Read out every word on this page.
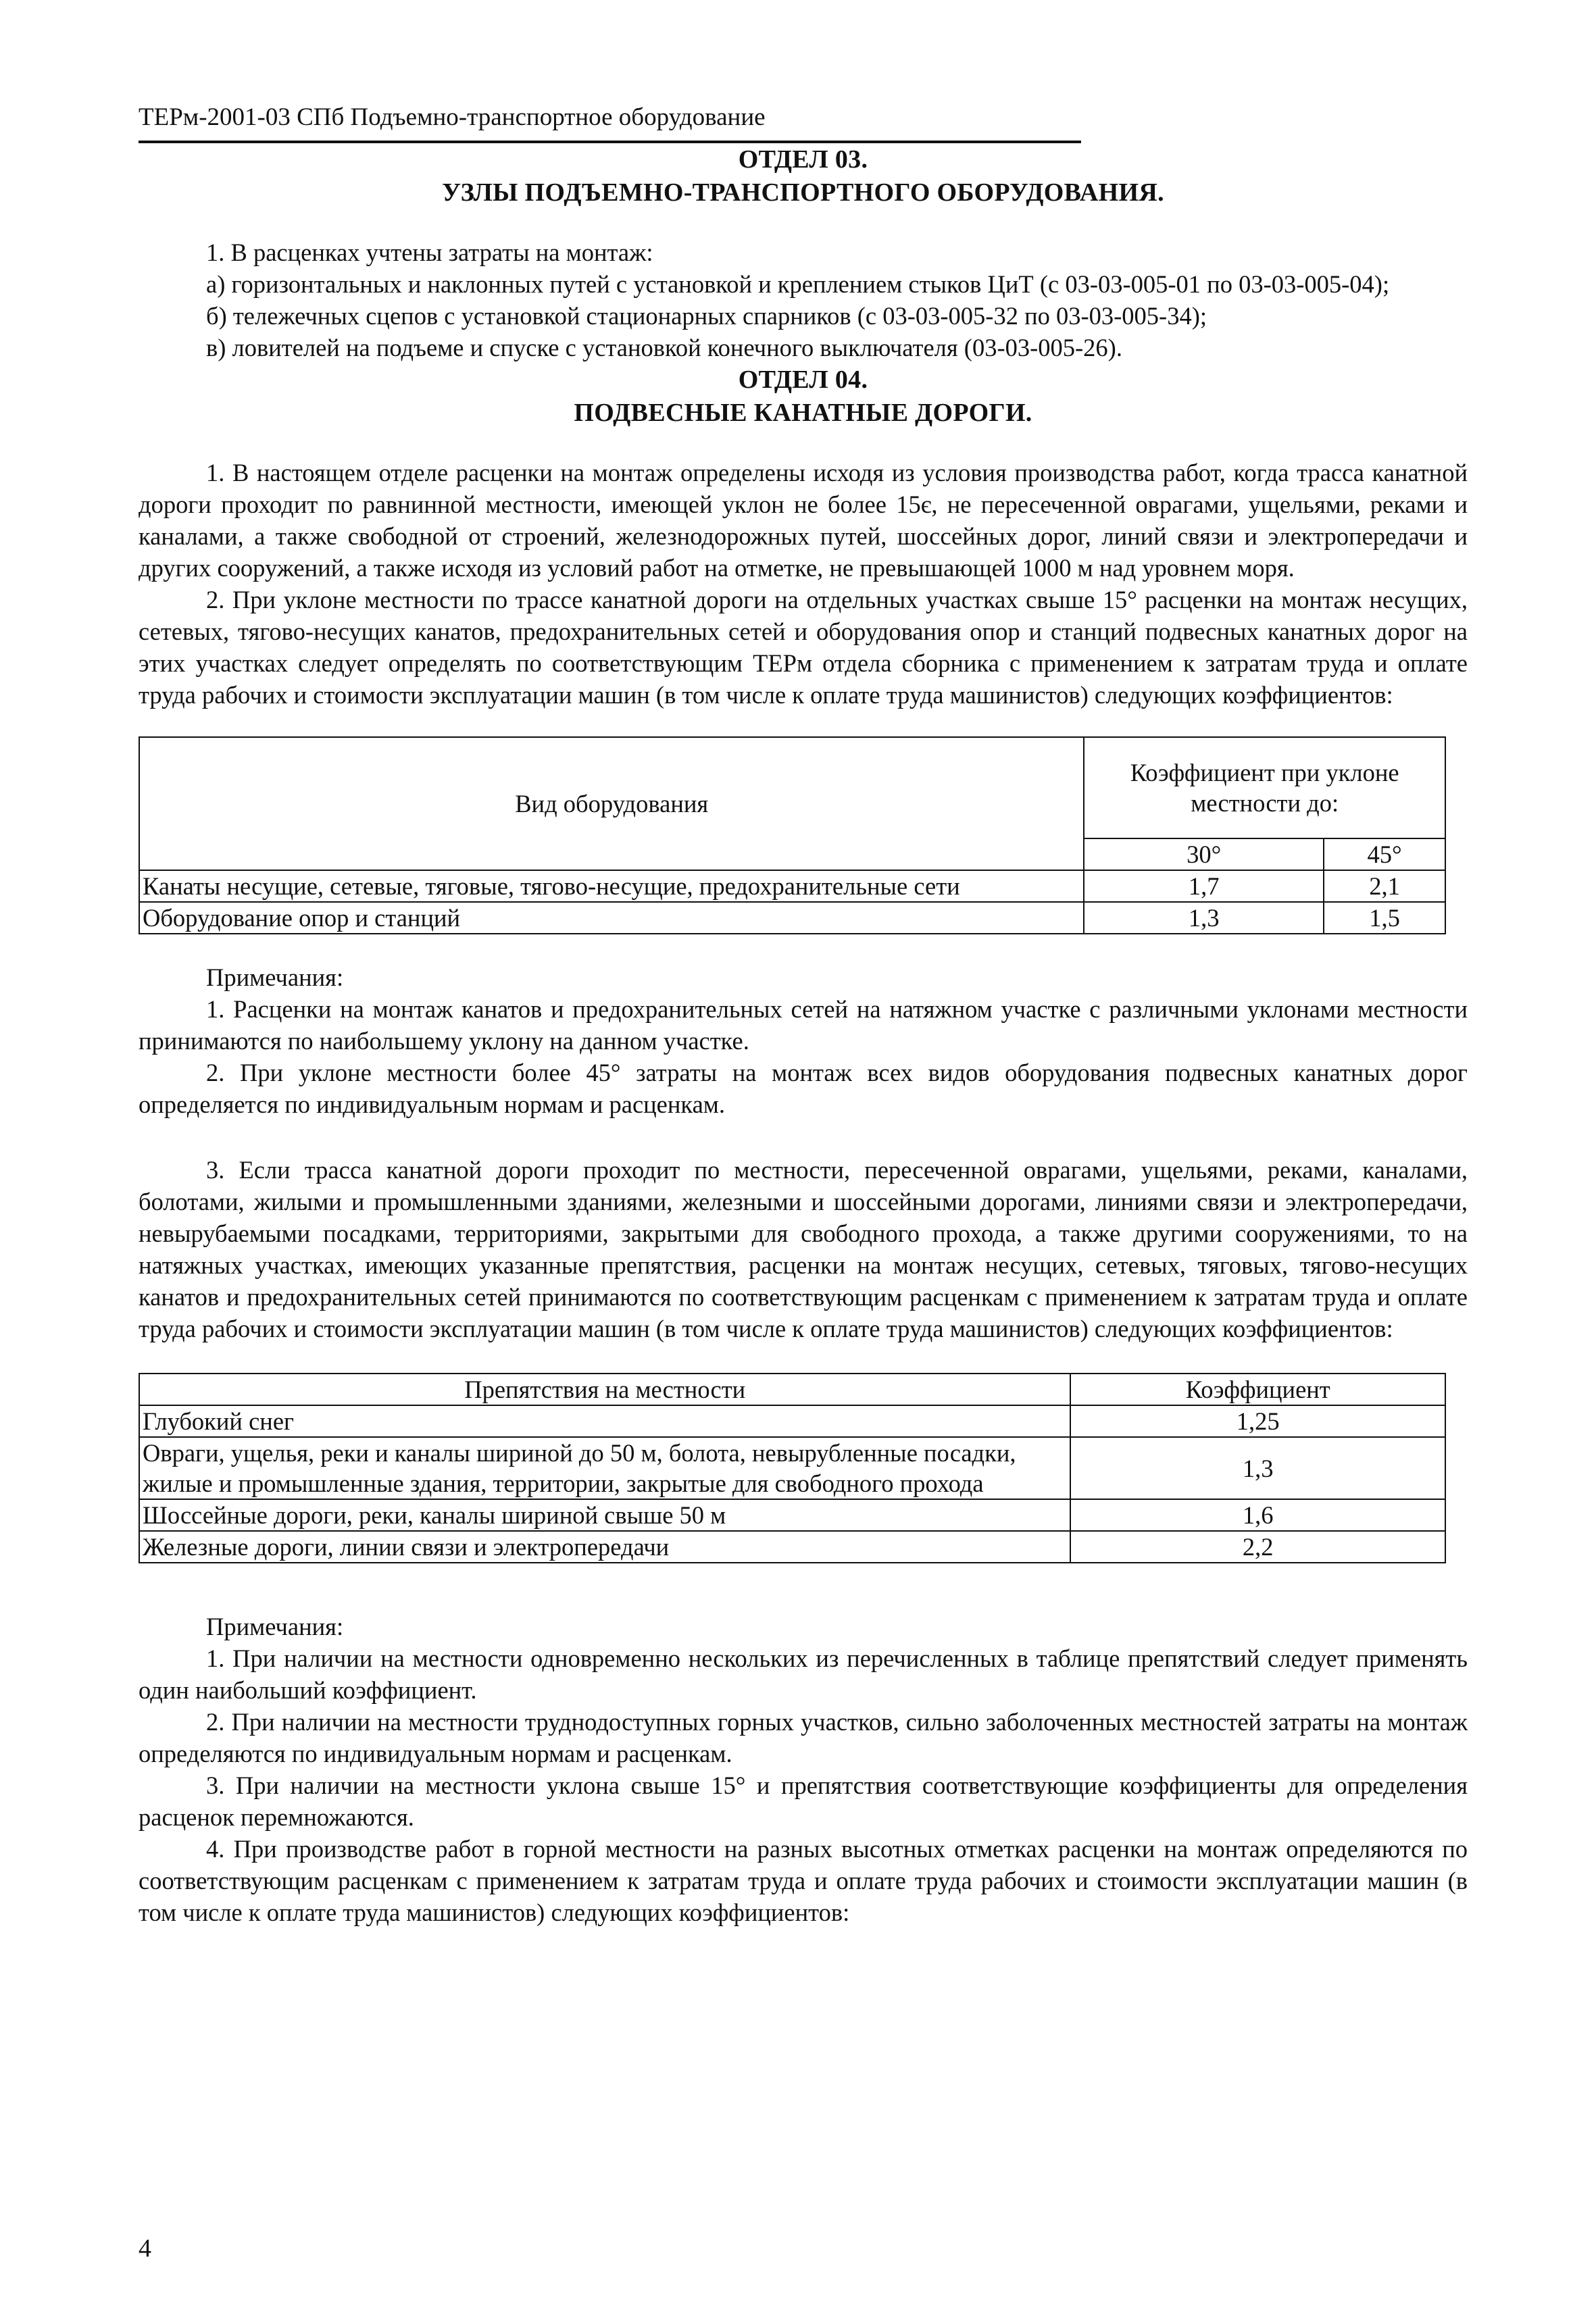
ТЕРм-2001-03 СПб Подъемно-транспортное оборудование
ОТДЕЛ 03.
УЗЛЫ ПОДЪЕМНО-ТРАНСПОРТНОГО ОБОРУДОВАНИЯ.

1. В расценках учтены затраты на монтаж:

а) горизонтальных и наклонных путей с установкой и креплением стыков ЦиТ (с 03-03-005-01 по 03-03-005-04);

б) тележечных сцепов с установкой стационарных спарников (с 03-03-005-32 по 03-03-005-34);

в) ловителей на подъеме и спуске с установкой конечного выключателя (03-03-005-26).

ОТДЕЛ 04.
ПОДВЕСНЫЕ КАНАТНЫЕ ДОРОГИ.

1. В настоящем отделе расценки на монтаж определены исходя из условия производства работ, когда трасса канатной дороги проходит по равнинной местности, имеющей уклон не более 15є, не пересеченной оврагами, ущельями, реками и каналами, а также свободной от строений, железнодорожных путей, шоссейных дорог, линий связи и электропередачи и других сооружений, а также исходя из условий работ на отметке, не превышающей 1000 м над уровнем моря.

2. При уклоне местности по трассе канатной дороги на отдельных участках свыше 15° расценки на монтаж несущих, сетевых, тягово-несущих канатов, предохранительных сетей и оборудования опор и станций подвесных канатных дорог на этих участках следует определять по соответствующим ТЕРм отдела сборника с применением к затратам труда и оплате труда рабочих и стоимости эксплуатации машин (в том числе к оплате труда машинистов) следующих коэффициентов:

Вид оборудования	Коэффициент при уклоне местности до:	
	30°	45°
Канаты несущие, сетевые, тяговые, тягово-несущие, предохранительные сети	1,7	2,1
Оборудование опор и станций	1,3	1,5

Примечания:

1. Расценки на монтаж канатов и предохранительных сетей на натяжном участке с различными уклонами местности принимаются по наибольшему уклону на данном участке.

2. При уклоне местности более 45° затраты на монтаж всех видов оборудования подвесных канатных дорог определяется по индивидуальным нормам и расценкам.

3. Если трасса канатной дороги проходит по местности, пересеченной оврагами, ущельями, реками, каналами, болотами, жилыми и промышленными зданиями, железными и шоссейными дорогами, линиями связи и электропередачи, невырубаемыми посадками, территориями, закрытыми для свободного прохода, а также другими сооружениями, то на натяжных участках, имеющих указанные препятствия, расценки на монтаж несущих, сетевых, тяговых, тягово-несущих канатов и предохранительных сетей принимаются по соответствующим расценкам с применением к затратам труда и оплате труда рабочих и стоимости эксплуатации машин (в том числе к оплате труда машинистов) следующих коэффициентов:

Препятствия на местности	Коэффициент
Глубокий снег	1,25
Овраги, ущелья, реки и каналы шириной до 50 м, болота, невырубленные посадки, жилые и промышленные здания, территории, закрытые для свободного прохода	1,3
Шоссейные дороги, реки, каналы шириной свыше 50 м	1,6
Железные дороги, линии связи и электропередачи	2,2

Примечания:

1. При наличии на местности одновременно нескольких из перечисленных в таблице препятствий следует применять один наибольший коэффициент.

2. При наличии на местности труднодоступных горных участков, сильно заболоченных местностей затраты на монтаж определяются по индивидуальным нормам и расценкам.

3. При наличии на местности уклона свыше 15° и препятствия соответствующие коэффициенты для определения расценок перемножаются.

4. При производстве работ в горной местности на разных высотных отметках расценки на монтаж определяются по соответствующим расценкам с применением к затратам труда и оплате труда рабочих и стоимости эксплуатации машин (в том числе к оплате труда машинистов) следующих коэффициентов:

4
